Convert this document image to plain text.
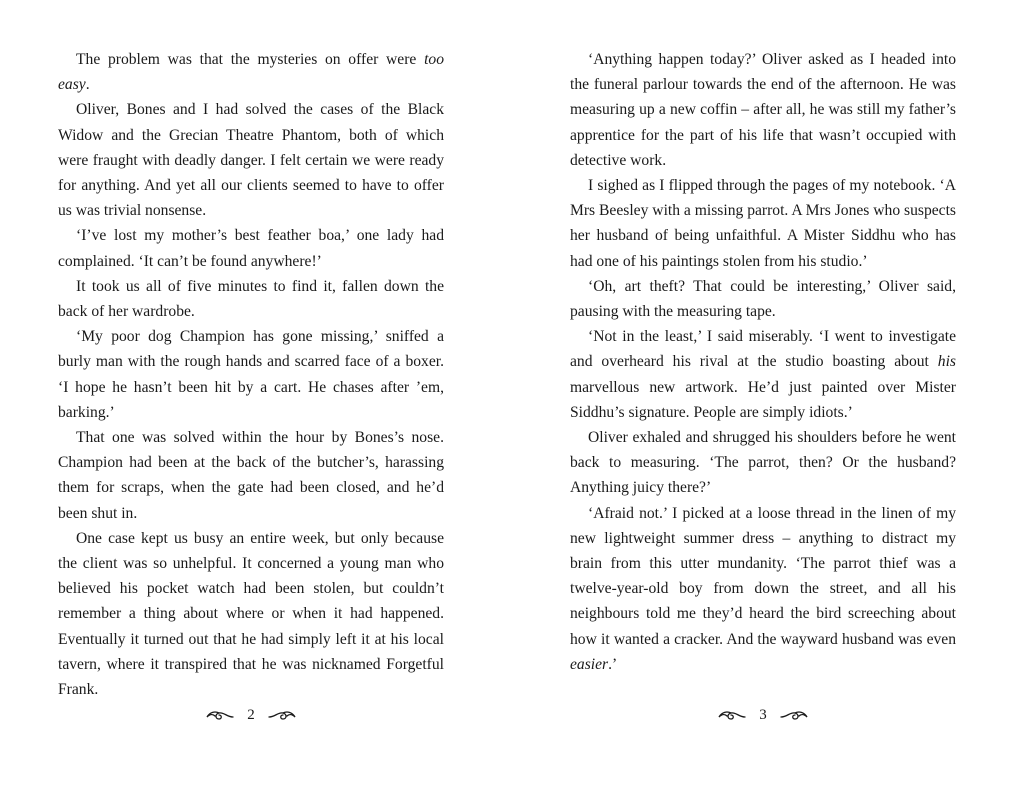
The problem was that the mysteries on offer were too easy.

Oliver, Bones and I had solved the cases of the Black Widow and the Grecian Theatre Phantom, both of which were fraught with deadly danger. I felt certain we were ready for anything. And yet all our clients seemed to have to offer us was trivial nonsense.

‘I’ve lost my mother’s best feather boa,’ one lady had complained. ‘It can’t be found anywhere!’

It took us all of five minutes to find it, fallen down the back of her wardrobe.

‘My poor dog Champion has gone missing,’ sniffed a burly man with the rough hands and scarred face of a boxer. ‘I hope he hasn’t been hit by a cart. He chases after ’em, barking.’

That one was solved within the hour by Bones’s nose. Champion had been at the back of the butcher’s, harassing them for scraps, when the gate had been closed, and he’d been shut in.

One case kept us busy an entire week, but only because the client was so unhelpful. It concerned a young man who believed his pocket watch had been stolen, but couldn’t remember a thing about where or when it had happened. Eventually it turned out that he had simply left it at his local tavern, where it transpired that he was nicknamed Forgetful Frank.

2

‘Anything happen today?’ Oliver asked as I headed into the funeral parlour towards the end of the afternoon. He was measuring up a new coffin – after all, he was still my father’s apprentice for the part of his life that wasn’t occupied with detective work.

I sighed as I flipped through the pages of my notebook. ‘A Mrs Beesley with a missing parrot. A Mrs Jones who suspects her husband of being unfaithful. A Mister Siddhu who has had one of his paintings stolen from his studio.’

‘Oh, art theft? That could be interesting,’ Oliver said, pausing with the measuring tape.

‘Not in the least,’ I said miserably. ‘I went to investigate and overheard his rival at the studio boasting about his marvellous new artwork. He’d just painted over Mister Siddhu’s signature. People are simply idiots.’

Oliver exhaled and shrugged his shoulders before he went back to measuring. ‘The parrot, then? Or the husband? Anything juicy there?’

‘Afraid not.’ I picked at a loose thread in the linen of my new lightweight summer dress – anything to distract my brain from this utter mundanity. ‘The parrot thief was a twelve-year-old boy from down the street, and all his neighbours told me they’d heard the bird screeching about how it wanted a cracker. And the wayward husband was even easier.’

3
